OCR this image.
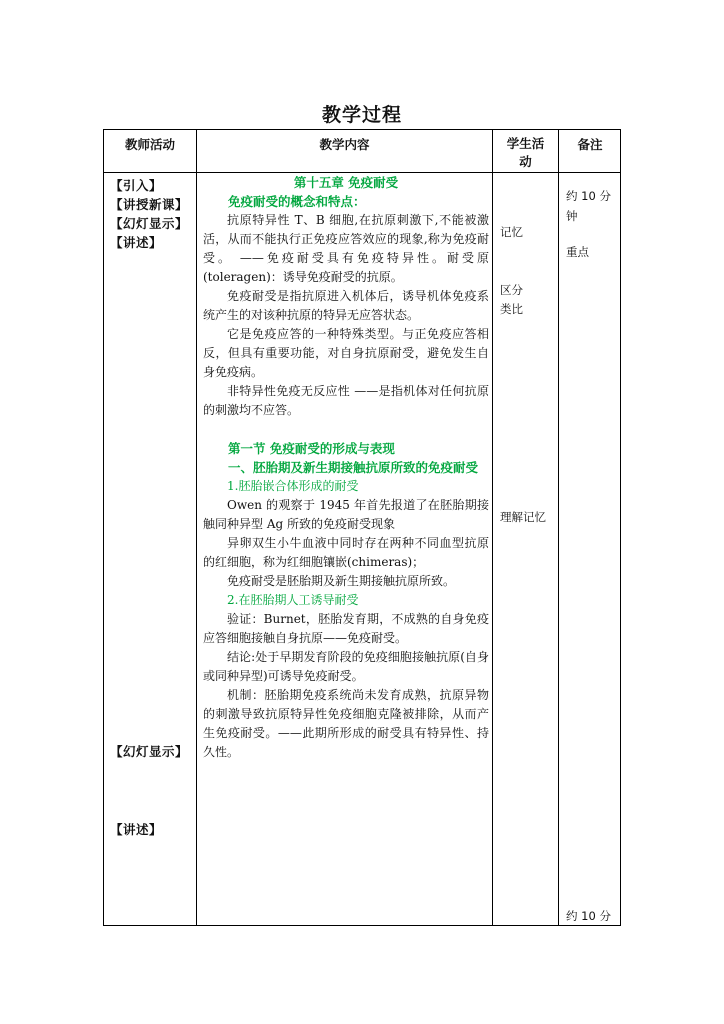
教学过程
教师活动	教学内容	学生活
动
备注
【引入】
【讲授新课】
【幻灯显示】
【讲述】
【幻灯显示】
【讲述】

第十五章 免疫耐受

免疫耐受的概念和特点：

抗原特异性 T、B 细胞,在抗原刺激下,不能被激活，从而不能执行正免疫应答效应的现象,称为免疫耐受。 ——免疫耐受具有免疫特异性。耐受原(toleragen)：诱导免疫耐受的抗原。

免疫耐受是指抗原进入机体后，诱导机体免疫系统产生的对该种抗原的特异无应答状态。

它是免疫应答的一种特殊类型。与正免疫应答相反，但具有重要功能，对自身抗原耐受，避免发生自身免疫病。

非特异性免疫无反应性 ——是指机体对任何抗原的刺激均不应答。

第一节 免疫耐受的形成与表现

一、胚胎期及新生期接触抗原所致的免疫耐受

1.胚胎嵌合体形成的耐受

Owen 的观察于 1945 年首先报道了在胚胎期接触同种异型 Ag 所致的免疫耐受现象

异卵双生小牛血液中同时存在两种不同血型抗原的红细胞，称为红细胞镶嵌(chimeras)；

免疫耐受是胚胎期及新生期接触抗原所致。

2.在胚胎期人工诱导耐受

验证：Burnet，胚胎发育期，不成熟的自身免疫应答细胞接触自身抗原——免疫耐受。

结论:处于早期发育阶段的免疫细胞接触抗原(自身或同种异型)可诱导免疫耐受。

机制：胚胎期免疫系统尚未发育成熟，抗原异物的刺激导致抗原特异性免疫细胞克隆被排除，从而产生免疫耐受。——此期所形成的耐受具有特异性、持久性。

记忆
区分
类比
理解记忆
约 10 分
钟
重点
约 10 分
